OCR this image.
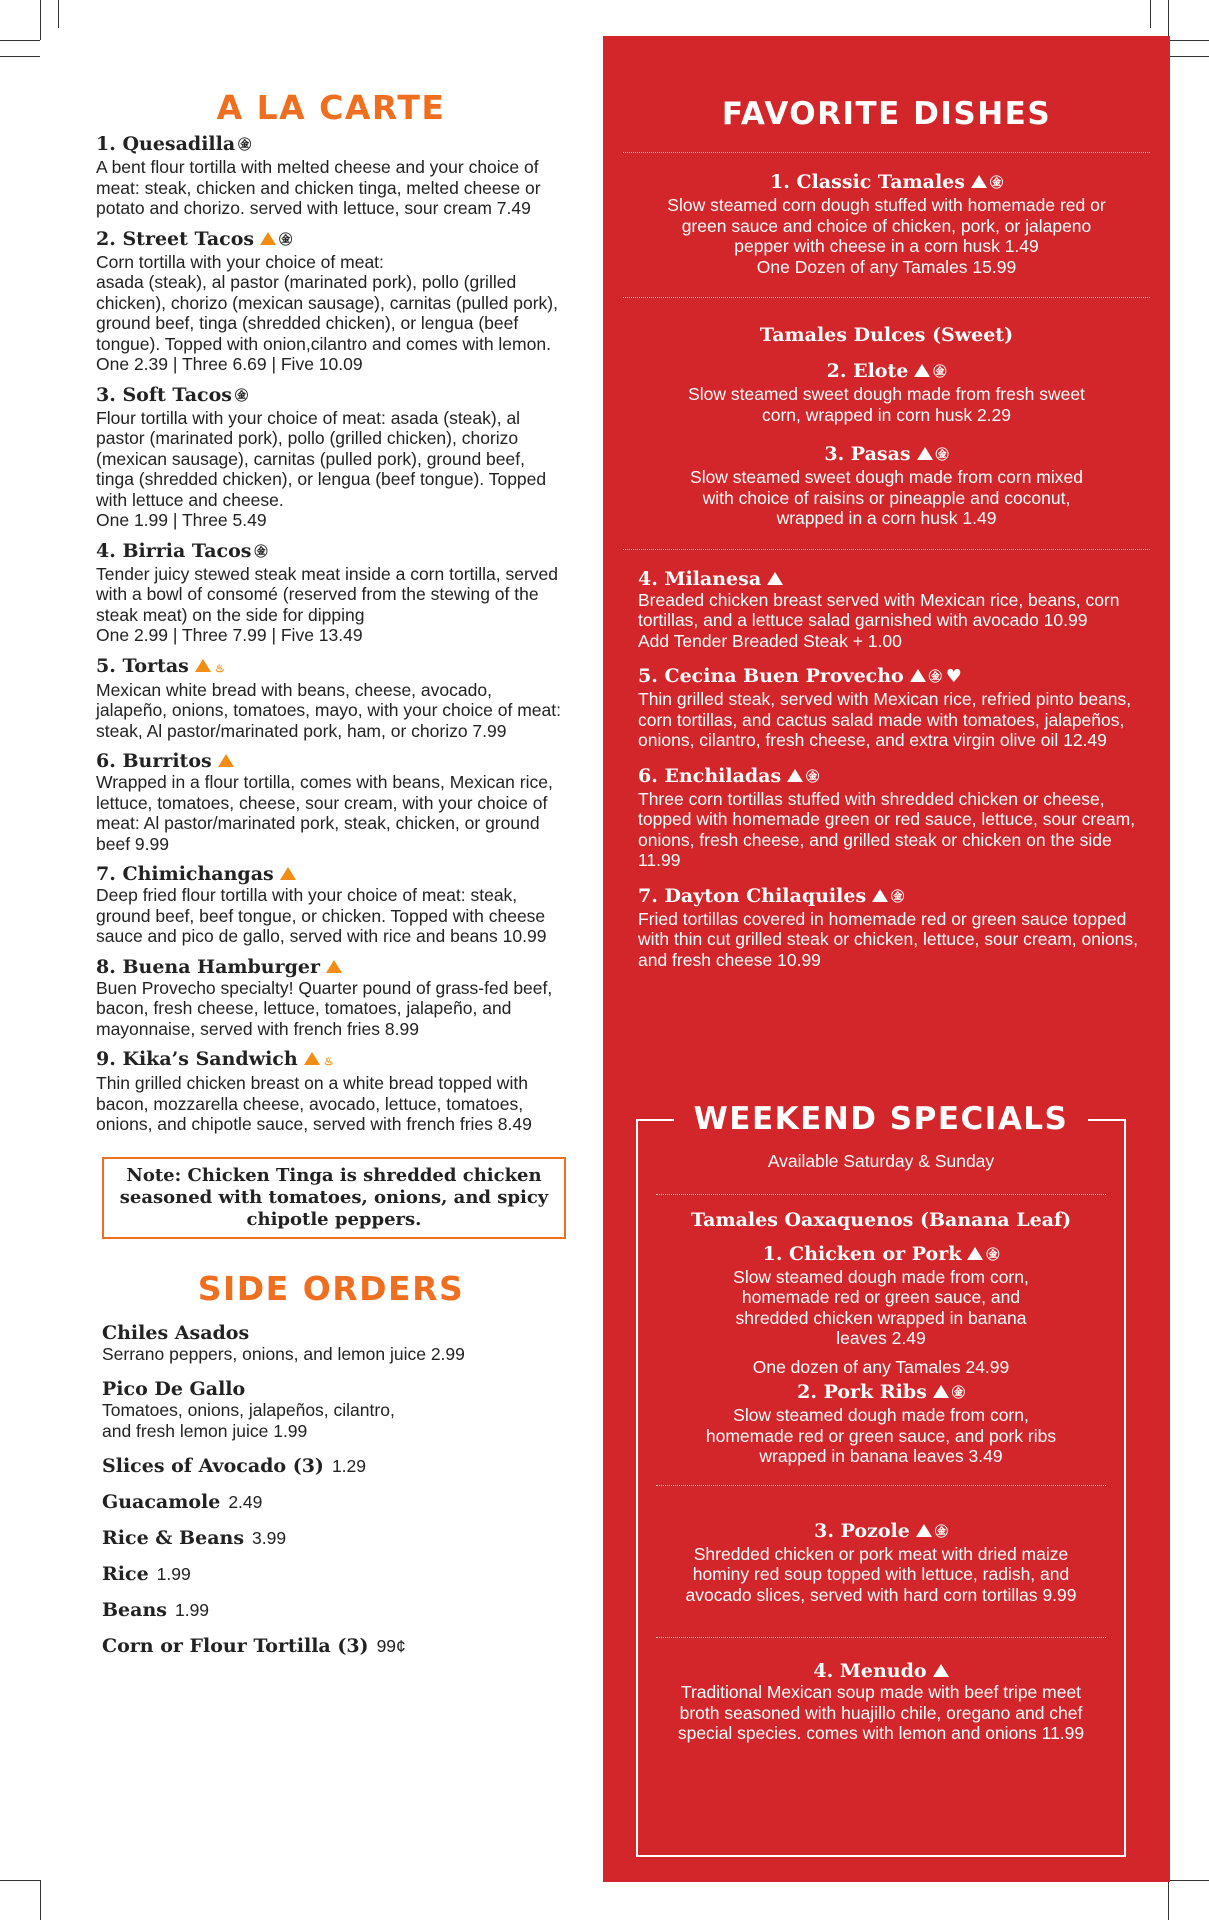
A LA CARTE
1. Quesadilla ㊎
A bent flour tortilla with melted cheese and your choice of meat: steak, chicken and chicken tinga, melted cheese or potato and chorizo. served with lettuce, sour cream 7.49
2. Street Tacos ㊎
Corn tortilla with your choice of meat:
asada (steak), al pastor (marinated pork), pollo (grilled chicken), chorizo (mexican sausage), carnitas (pulled pork), ground beef, tinga (shredded chicken), or lengua (beef tongue). Topped with onion,cilantro and comes with lemon.
One 2.39 | Three 6.69 | Five 10.09
3. Soft Tacos ㊎
Flour tortilla with your choice of meat: asada (steak), al pastor (marinated pork), pollo (grilled chicken), chorizo (mexican sausage), carnitas (pulled pork), ground beef, tinga (shredded chicken), or lengua (beef tongue). Topped with lettuce and cheese.
One 1.99 | Three 5.49
4. Birria Tacos ㊎
Tender juicy stewed steak meat inside a corn tortilla, served with a bowl of consomé (reserved from the stewing of the steak meat) on the side for dipping
One 2.99 | Three 7.99 | Five 13.49
5. Tortas ♨
Mexican white bread with beans, cheese, avocado, jalapeño, onions, tomatoes, mayo, with your choice of meat: steak, Al pastor/marinated pork, ham, or chorizo 7.99
6. Burritos
Wrapped in a flour tortilla, comes with beans, Mexican rice, lettuce, tomatoes, cheese, sour cream, with your choice of meat: Al pastor/marinated pork, steak, chicken, or ground beef 9.99
7. Chimichangas
Deep fried flour tortilla with your choice of meat: steak, ground beef, beef tongue, or chicken. Topped with cheese sauce and pico de gallo, served with rice and beans 10.99
8. Buena Hamburger
Buen Provecho specialty! Quarter pound of grass-fed beef, bacon, fresh cheese, lettuce, tomatoes, jalapeño, and mayonnaise, served with french fries 8.99
9. Kika’s Sandwich ♨
Thin grilled chicken breast on a white bread topped with bacon, mozzarella cheese, avocado, lettuce, tomatoes, onions, and chipotle sauce, served with french fries 8.49
Note: Chicken Tinga is shredded chicken seasoned with tomatoes, onions, and spicy chipotle peppers.
SIDE ORDERS
Chiles Asados
Serrano peppers, onions, and lemon juice 2.99
Pico De Gallo
Tomatoes, onions, jalapeños, cilantro,
and fresh lemon juice 1.99
Slices of Avocado (3) 1.29
Guacamole 2.49
Rice & Beans 3.99
Rice 1.99
Beans 1.99
Corn or Flour Tortilla (3) 99¢
FAVORITE DISHES
1. Classic Tamales ㊎
Slow steamed corn dough stuffed with homemade red or green sauce and choice of chicken, pork, or jalapeno pepper with cheese in a corn husk 1.49
One Dozen of any Tamales 15.99
Tamales Dulces (Sweet)
2. Elote ㊎
Slow steamed sweet dough made from fresh sweet corn, wrapped in corn husk 2.29
3. Pasas ㊎
Slow steamed sweet dough made from corn mixed with choice of raisins or pineapple and coconut, wrapped in a corn husk 1.49
4. Milanesa
Breaded chicken breast served with Mexican rice, beans, corn tortillas, and a lettuce salad garnished with avocado 10.99
Add Tender Breaded Steak + 1.00
5. Cecina Buen Provecho ㊎ ♥
Thin grilled steak, served with Mexican rice, refried pinto beans, corn tortillas, and cactus salad made with tomatoes, jalapeños, onions, cilantro, fresh cheese, and extra virgin olive oil 12.49
6. Enchiladas ㊎
Three corn tortillas stuffed with shredded chicken or cheese, topped with homemade green or red sauce, lettuce, sour cream, onions, fresh cheese, and grilled steak or chicken on the side 11.99
7. Dayton Chilaquiles ㊎
Fried tortillas covered in homemade red or green sauce topped with thin cut grilled steak or chicken, lettuce, sour cream, onions, and fresh cheese 10.99
WEEKEND SPECIALS
Available Saturday & Sunday
Tamales Oaxaquenos (Banana Leaf)
1. Chicken or Pork ㊎
Slow steamed dough made from corn, homemade red or green sauce, and shredded chicken wrapped in banana leaves 2.49
One dozen of any Tamales 24.99
2. Pork Ribs ㊎
Slow steamed dough made from corn, homemade red or green sauce, and pork ribs wrapped in banana leaves 3.49
3. Pozole ㊎
Shredded chicken or pork meat with dried maize hominy red soup topped with lettuce, radish, and avocado slices, served with hard corn tortillas 9.99
4. Menudo
Traditional Mexican soup made with beef tripe meet broth seasoned with huajillo chile, oregano and chef special species. comes with lemon and onions 11.99
